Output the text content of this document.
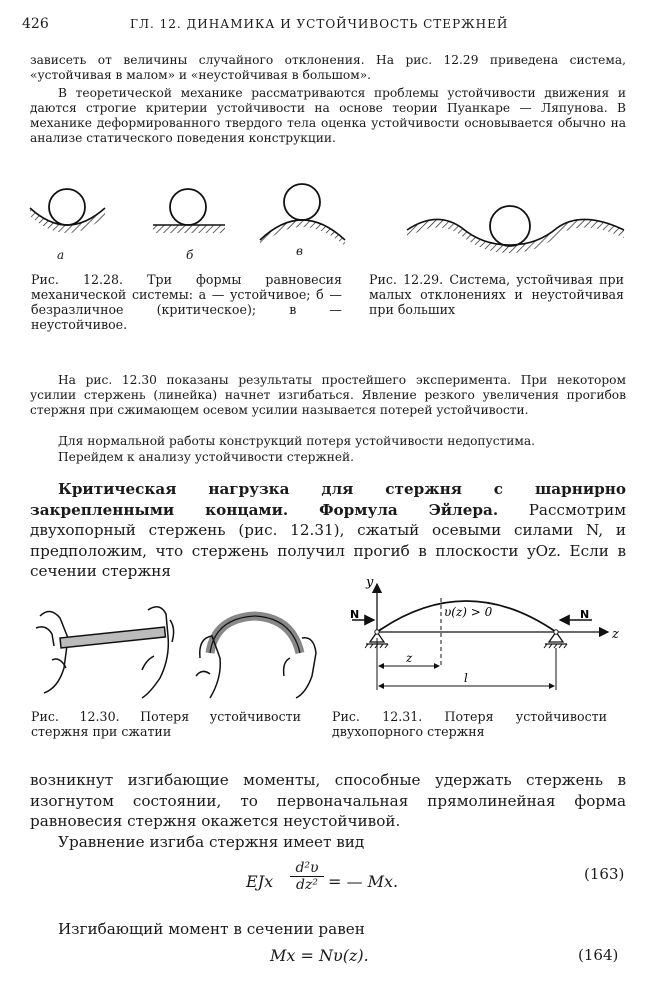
426	ГЛ. 12. ДИНАМИКА И УСТОЙЧИВОСТЬ СТЕРЖНЕЙ
зависеть от величины случайного отклонения. На рис. 12.29 приведена система, «устойчивая в малом» и «неустойчивая в большом».
В теоретической механике рассматриваются проблемы устойчивости движения и даются строгие критерии устойчивости на основе теории Пуанкаре — Ляпунова. В механике деформированного твердого тела оценка устойчивости основывается обычно на анализе статического поведения конструкции.
а	б	в
Рис. 12.28. Три формы равновесия механической системы: а — устойчивое; б — безразличное (критическое); в — неустойчивое.
Рис. 12.29. Система, устойчивая при малых отклонениях и неустойчивая при больших
На рис. 12.30 показаны результаты простейшего эксперимента. При некотором усилии стержень (линейка) начнет изгибаться. Явление резкого увеличения прогибов стержня при сжимающем осевом усилии называется потерей устойчивости.
Для нормальной работы конструкций потеря устойчивости недопустима.
Перейдем к анализу устойчивости стержней.
Критическая нагрузка для стержня с шарнирно закрепленными концами. Формула Эйлера. Рассмотрим двухопорный стержень (рис. 12.31), сжатый осевыми силами N, и предположим, что стержень получил прогиб в плоскости yOz. Если в сечении стержня
y
z
N	N
υ(z) > 0
z
l
Рис. 12.30. Потеря устойчивости стержня при сжатии
Рис. 12.31. Потеря устойчивости двухопорного стержня
возникнут изгибающие моменты, способные удержать стержень в изогнутом состоянии, то первоначальная прямолинейная форма равновесия стержня окажется неустойчивой.
Уравнение изгиба стержня имеет вид
EJx $\frac{\text{d²υ}}{\text{dz²}}$ = — Mx.	(163)
Изгибающий момент в сечении равен
Mx = Nυ(z).	(164)
